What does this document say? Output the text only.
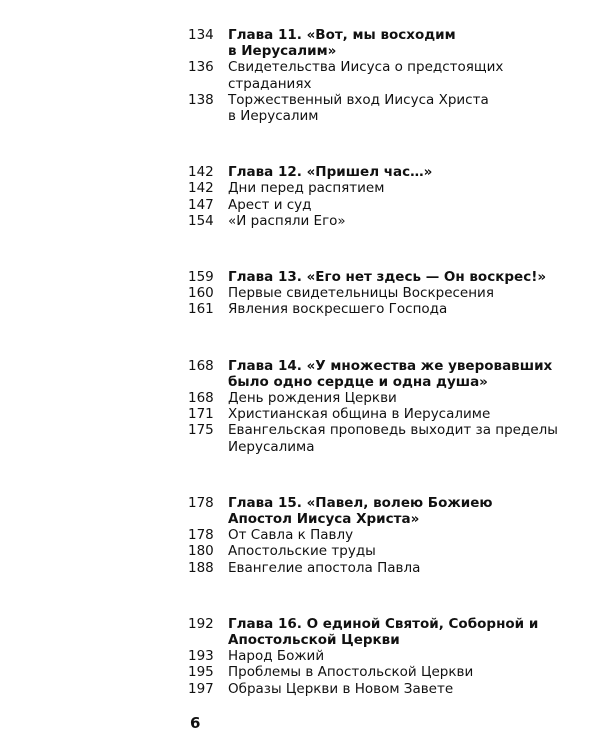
134	Глава 11. «Вот, мы восходим
в Иерусалим»
136	Свидетельства Иисуса о предстоящих
страданиях
138	Торжественный вход Иисуса Христа
в Иерусалим
142	Глава 12. «Пришел час…»
142	Дни перед распятием
147	Арест и суд
154	«И распяли Его»
159	Глава 13. «Его нет здесь — Он воскрес!»
160	Первые свидетельницы Воскресения
161	Явления воскресшего Господа
168	Глава 14. «У множества же уверовавших
было одно сердце и одна душа»
168	День рождения Церкви
171	Христианская община в Иерусалиме
175	Евангельская проповедь выходит за пределы
Иерусалима
178	Глава 15. «Павел, волею Божиею
Апостол Иисуса Христа»
178	От Савла к Павлу
180	Апостольские труды
188	Евангелие апостола Павла
192	Глава 16. О единой Святой, Соборной и
Апостольской Церкви
193	Народ Божий
195	Проблемы в Апостольской Церкви
197	Образы Церкви в Новом Завете
6
